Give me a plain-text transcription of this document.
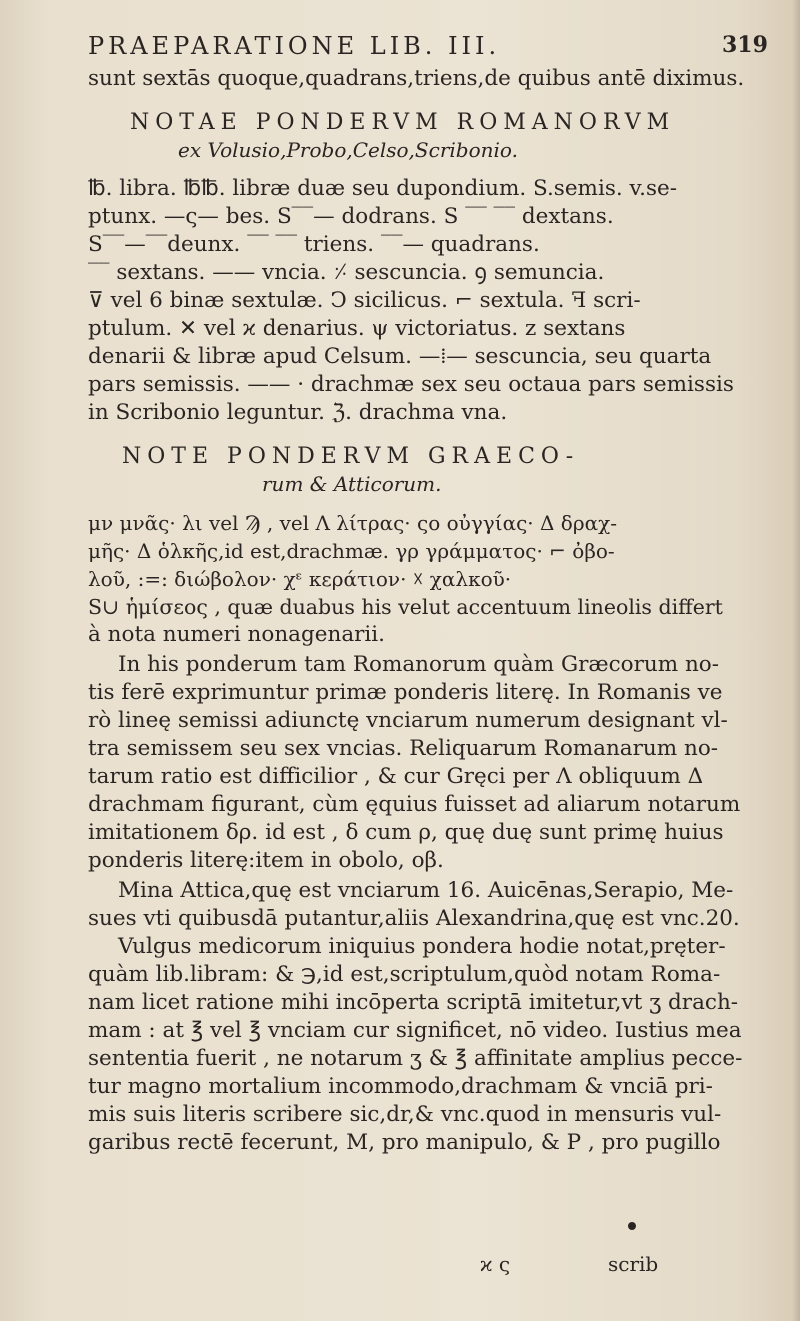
PRAEPARATIONE LIB. III.	319
sunt sextās quoque,quadrans,triens,de quibus antē diximus.
NOTAE PONDERVM ROMANORVM
ex Volusio,Probo,Celso,Scribonio.
℔. libra. ℔℔. libræ duæ seu dupondium. S.semis. v.se-
ptunx. —ς— bes. S‾‾— dodrans. S ‾‾ ‾‾ dextans.
S‾‾—‾‾deunx. ‾‾ ‾‾ triens. ‾‾— quadrans.
‾‾ sextans. —— vncia. ⸓ sescuncia. ꝯ semuncia.
⊽ vel 6 binæ sextulæ. Ͻ sicilicus. ⌐ sextula. ꟻ scri-
ptulum. ✕ vel ϰ denarius. ψ victoriatus. z sextans
denarii & libræ apud Celsum. —⁞— sescuncia, seu quarta
pars semissis. —— · drachmæ sex seu octaua pars semissis
in Scribonio leguntur. ℨ. drachma vna.
NOTE PONDERVM GRAECO-
rum & Atticorum.
μν μνᾶς· λι vel Ϡ , vel Λ λίτρας· ςο οὐγγίας· Δ δραχ-
μῆς· Δ ὁλκῆς,id est,drachmæ. γρ γράμματος· ⌐ ὀβο-
λοῦ, :=: διώβολον· χᵋ κεράτιον· ☓ χαλκοῦ·
S∪ ἡμίσεος , quæ duabus his velut accentuum lineolis differt
à nota numeri nonagenarii.
In his ponderum tam Romanorum quàm Græcorum no-
tis ferē exprimuntur primæ ponderis literę. In Romanis ve
rò lineę semissi adiunctę vnciarum numerum designant vl-
tra semissem seu sex vncias. Reliquarum Romanarum no-
tarum ratio est difficilior , & cur Gręci per Λ obliquum Δ
drachmam figurant, cùm ęquius fuisset ad aliarum notarum
imitationem δρ. id est , δ cum ρ, quę duę sunt primę huius
ponderis literę:item in obolo, οβ.
Mina Attica,quę est vnciarum 16. Auicēnas,Serapio, Me-
sues vti quibusdā putantur,aliis Alexandrina,quę est vnc.20.
Vulgus medicorum iniquius pondera hodie notat,pręter-
quàm lib.libram: & ℈,id est,scriptulum,quòd notam Roma-
nam licet ratione mihi incōperta scriptā imitetur,vt ʒ drach-
mam : at ℥ vel ℥ vnciam cur significet, nō video. Iustius mea
sententia fuerit , ne notarum ʒ & ℥ affinitate amplius pecce-
tur magno mortalium incommodo,drachmam & vnciā pri-
mis suis literis scribere sic,dr,& vnc.quod in mensuris vul-
garibus rectē fecerunt, M, pro manipulo, & P , pro pugillo
ϰ ς	scrib
